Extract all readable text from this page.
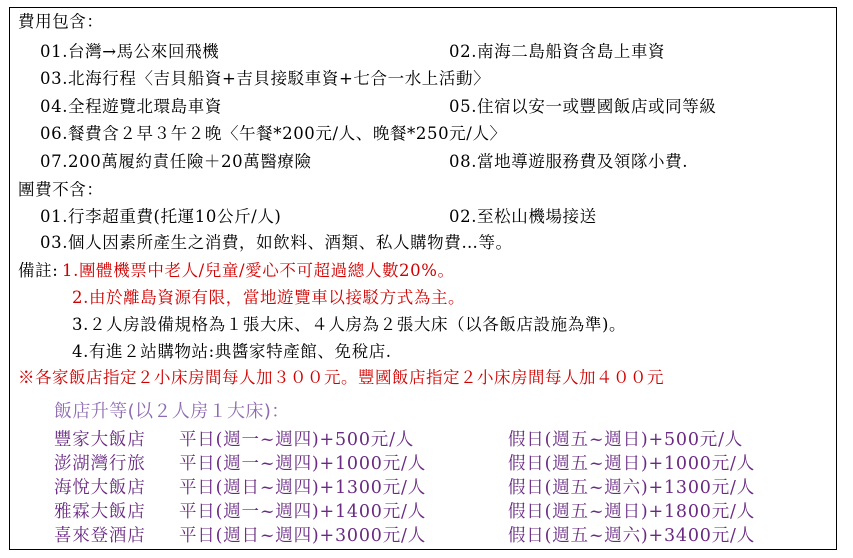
費用包含：
01.台灣→馬公來回飛機	02.南海二島船資含島上車資
03.北海行程〈吉貝船資+吉貝接駁車資+七合一水上活動〉
04.全程遊覽北環島車資	05.住宿以安一或豐國飯店或同等級
06.餐費含２早３午２晚〈午餐*200元/人、晚餐*250元/人〉
07.200萬履約責任險＋20萬醫療險	08.當地導遊服務費及領隊小費.
團費不含：
01.行李超重費(托運10公斤/人)	02.至松山機場接送
03.個人因素所產生之消費，如飲料、酒類、私人購物費…等。
備註: 1.團體機票中老人/兒童/愛心不可超過總人數20%。
2.由於離島資源有限，當地遊覽車以接駁方式為主。
3.２人房設備規格為１張大床、４人房為２張大床（以各飯店設施為準)。
4.有進２站購物站:典醬家特產館、免稅店.
※各家飯店指定２小床房間每人加３００元。豐國飯店指定２小床房間每人加４００元
飯店升等(以２人房１大床)：
豐家大飯店 平日(週一~週四)+500元/人	假日(週五~週日)+500元/人
澎湖灣行旅 平日(週一~週四)+1000元/人	假日(週五~週日)+1000元/人
海悅大飯店 平日(週日~週四)+1300元/人	假日(週五~週六)+1300元/人
雅霖大飯店 平日(週一~週四)+1400元/人	假日(週五~週日)+1800元/人
喜來登酒店 平日(週日~週四)+3000元/人	假日(週五~週六)+3400元/人
